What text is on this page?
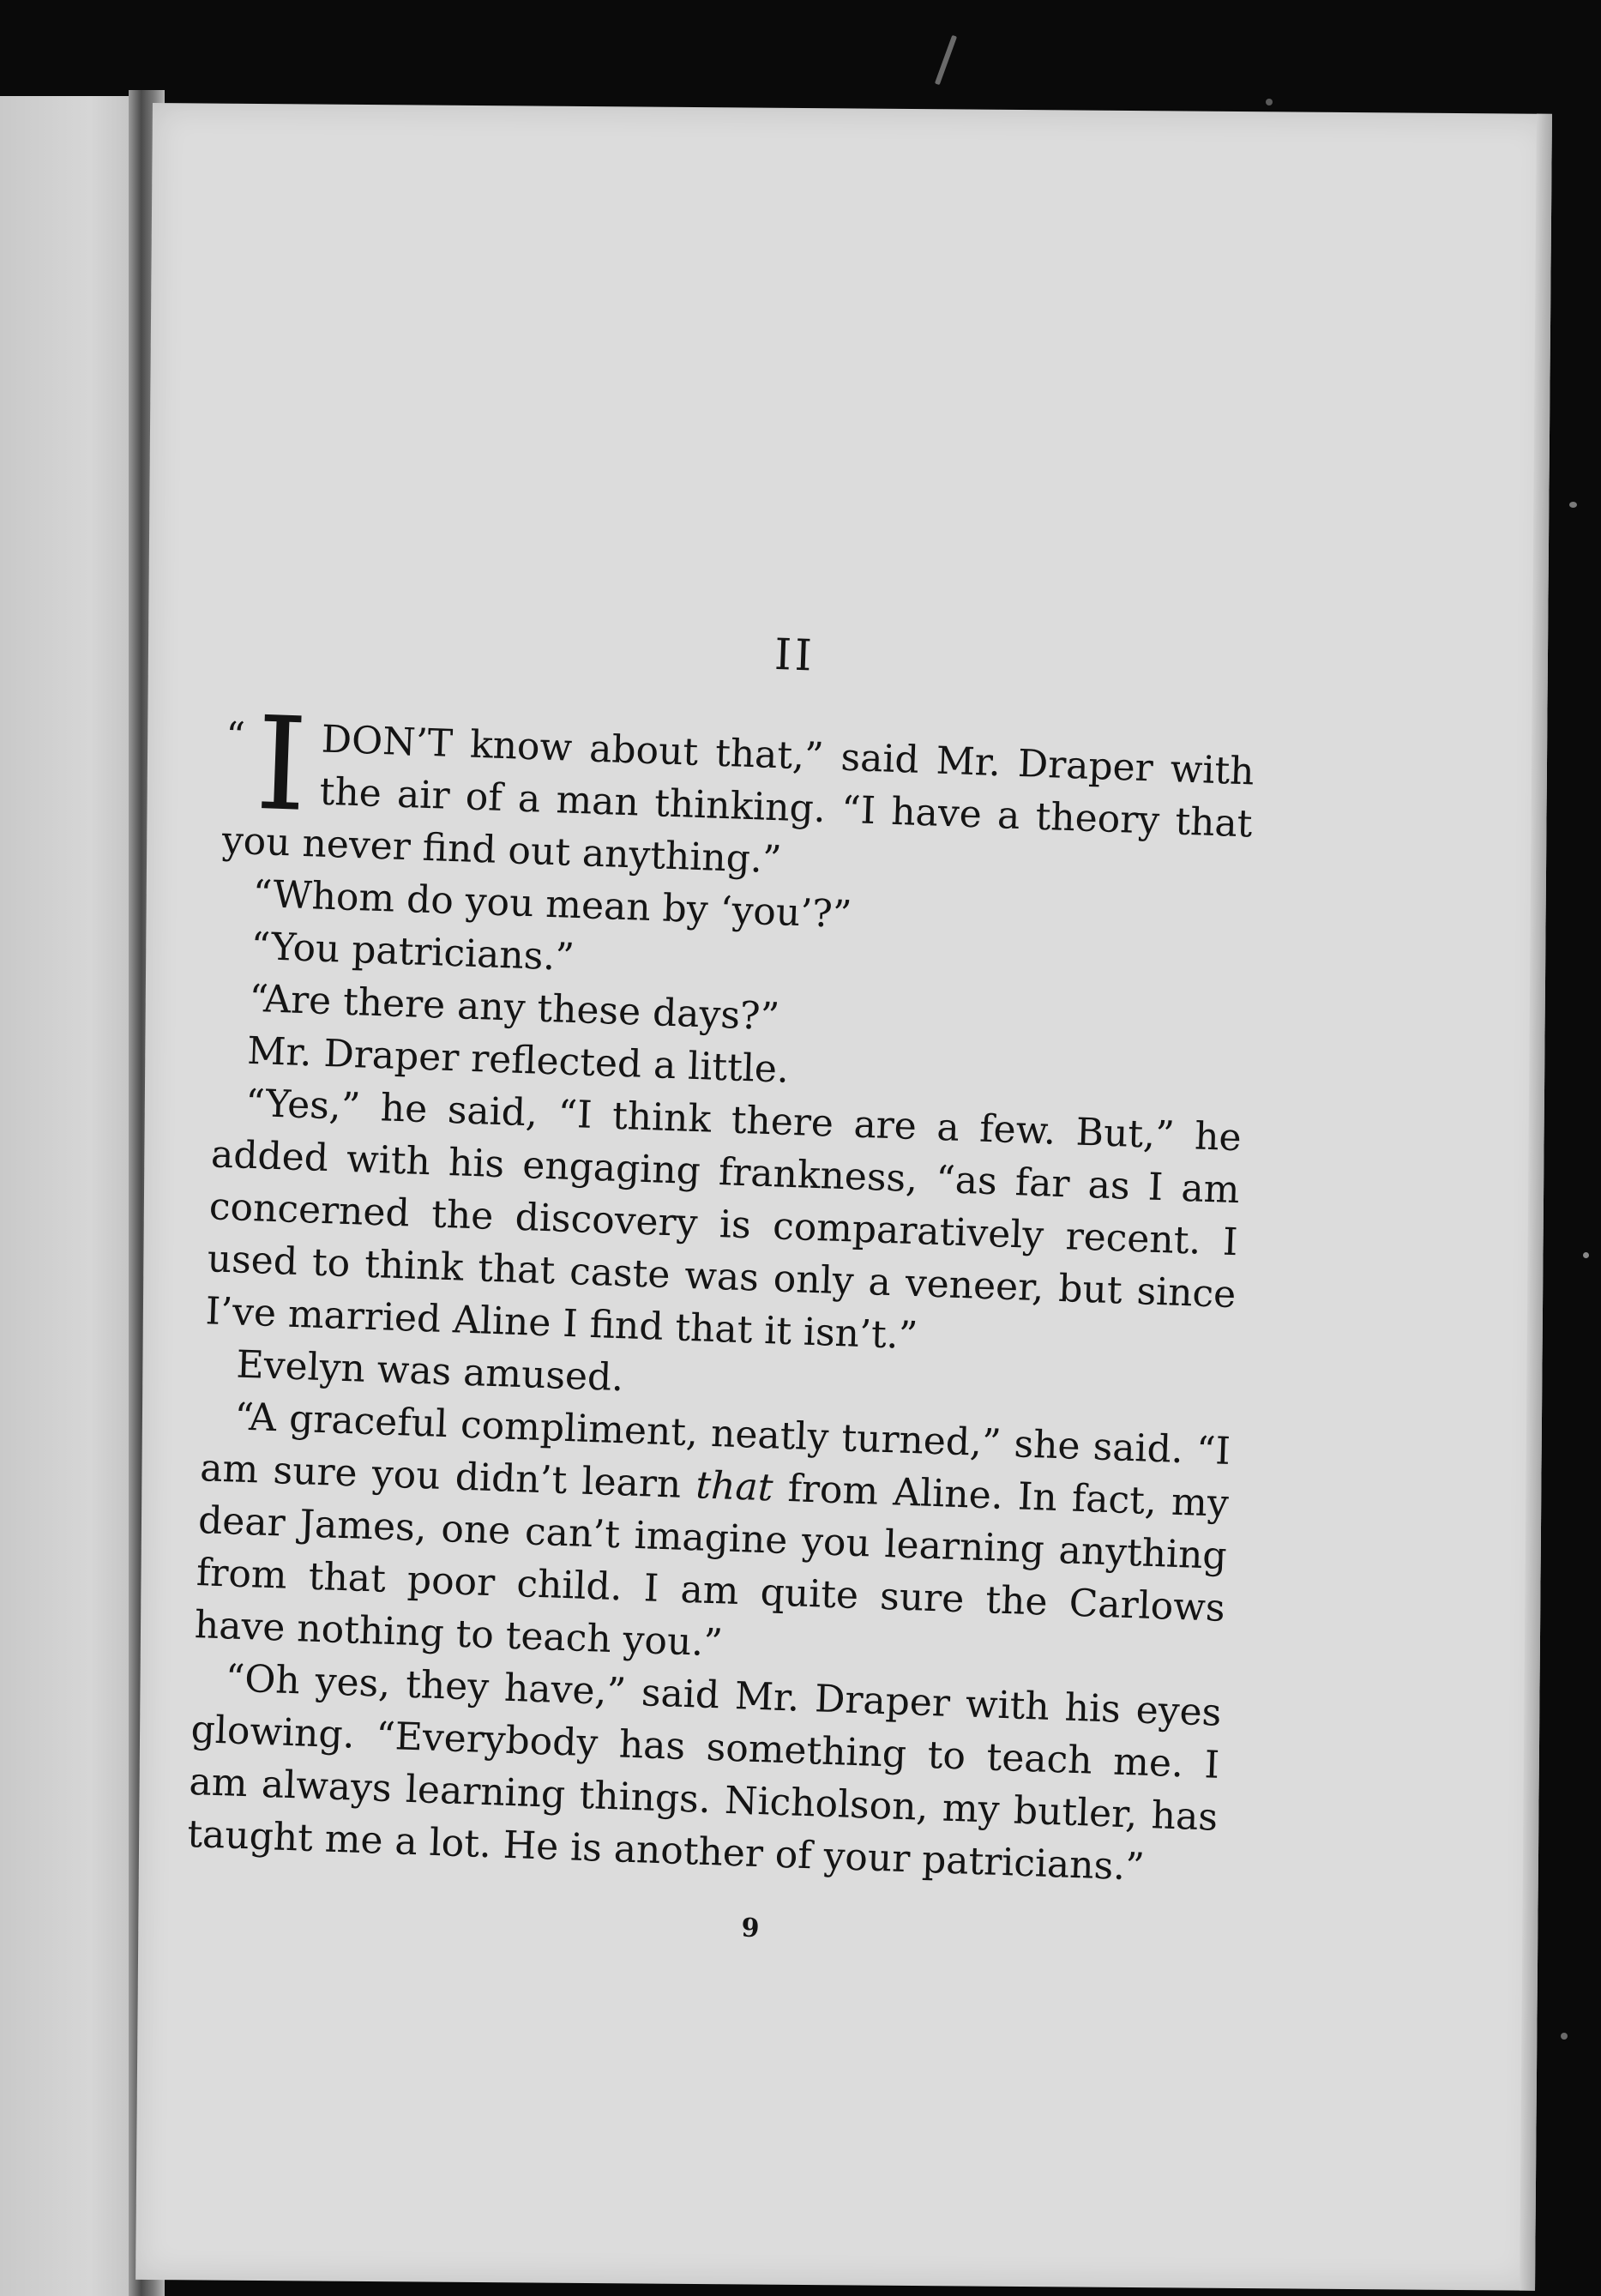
II

“ I DON’T know about that,” said Mr. Draper with the air of a man thinking. “I have a theory that you never find out anything.”

“Whom do you mean by ‘you’?”

“You patricians.”

“Are there any these days?”

Mr. Draper reflected a little.

“Yes,” he said, “I think there are a few. But,” he added with his engaging frankness, “as far as I am concerned the discovery is comparatively recent. I used to think that caste was only a veneer, but since I’ve married Aline I find that it isn’t.”

Evelyn was amused.

“A graceful compliment, neatly turned,” she said. “I am sure you didn’t learn that from Aline. In fact, my dear James, one can’t imagine you learning anything from that poor child. I am quite sure the Carlows have nothing to teach you.”

“Oh yes, they have,” said Mr. Draper with his eyes glowing. “Everybody has something to teach me. I am always learning things. Nicholson, my butler, has taught me a lot. He is another of your patricians.”

9
